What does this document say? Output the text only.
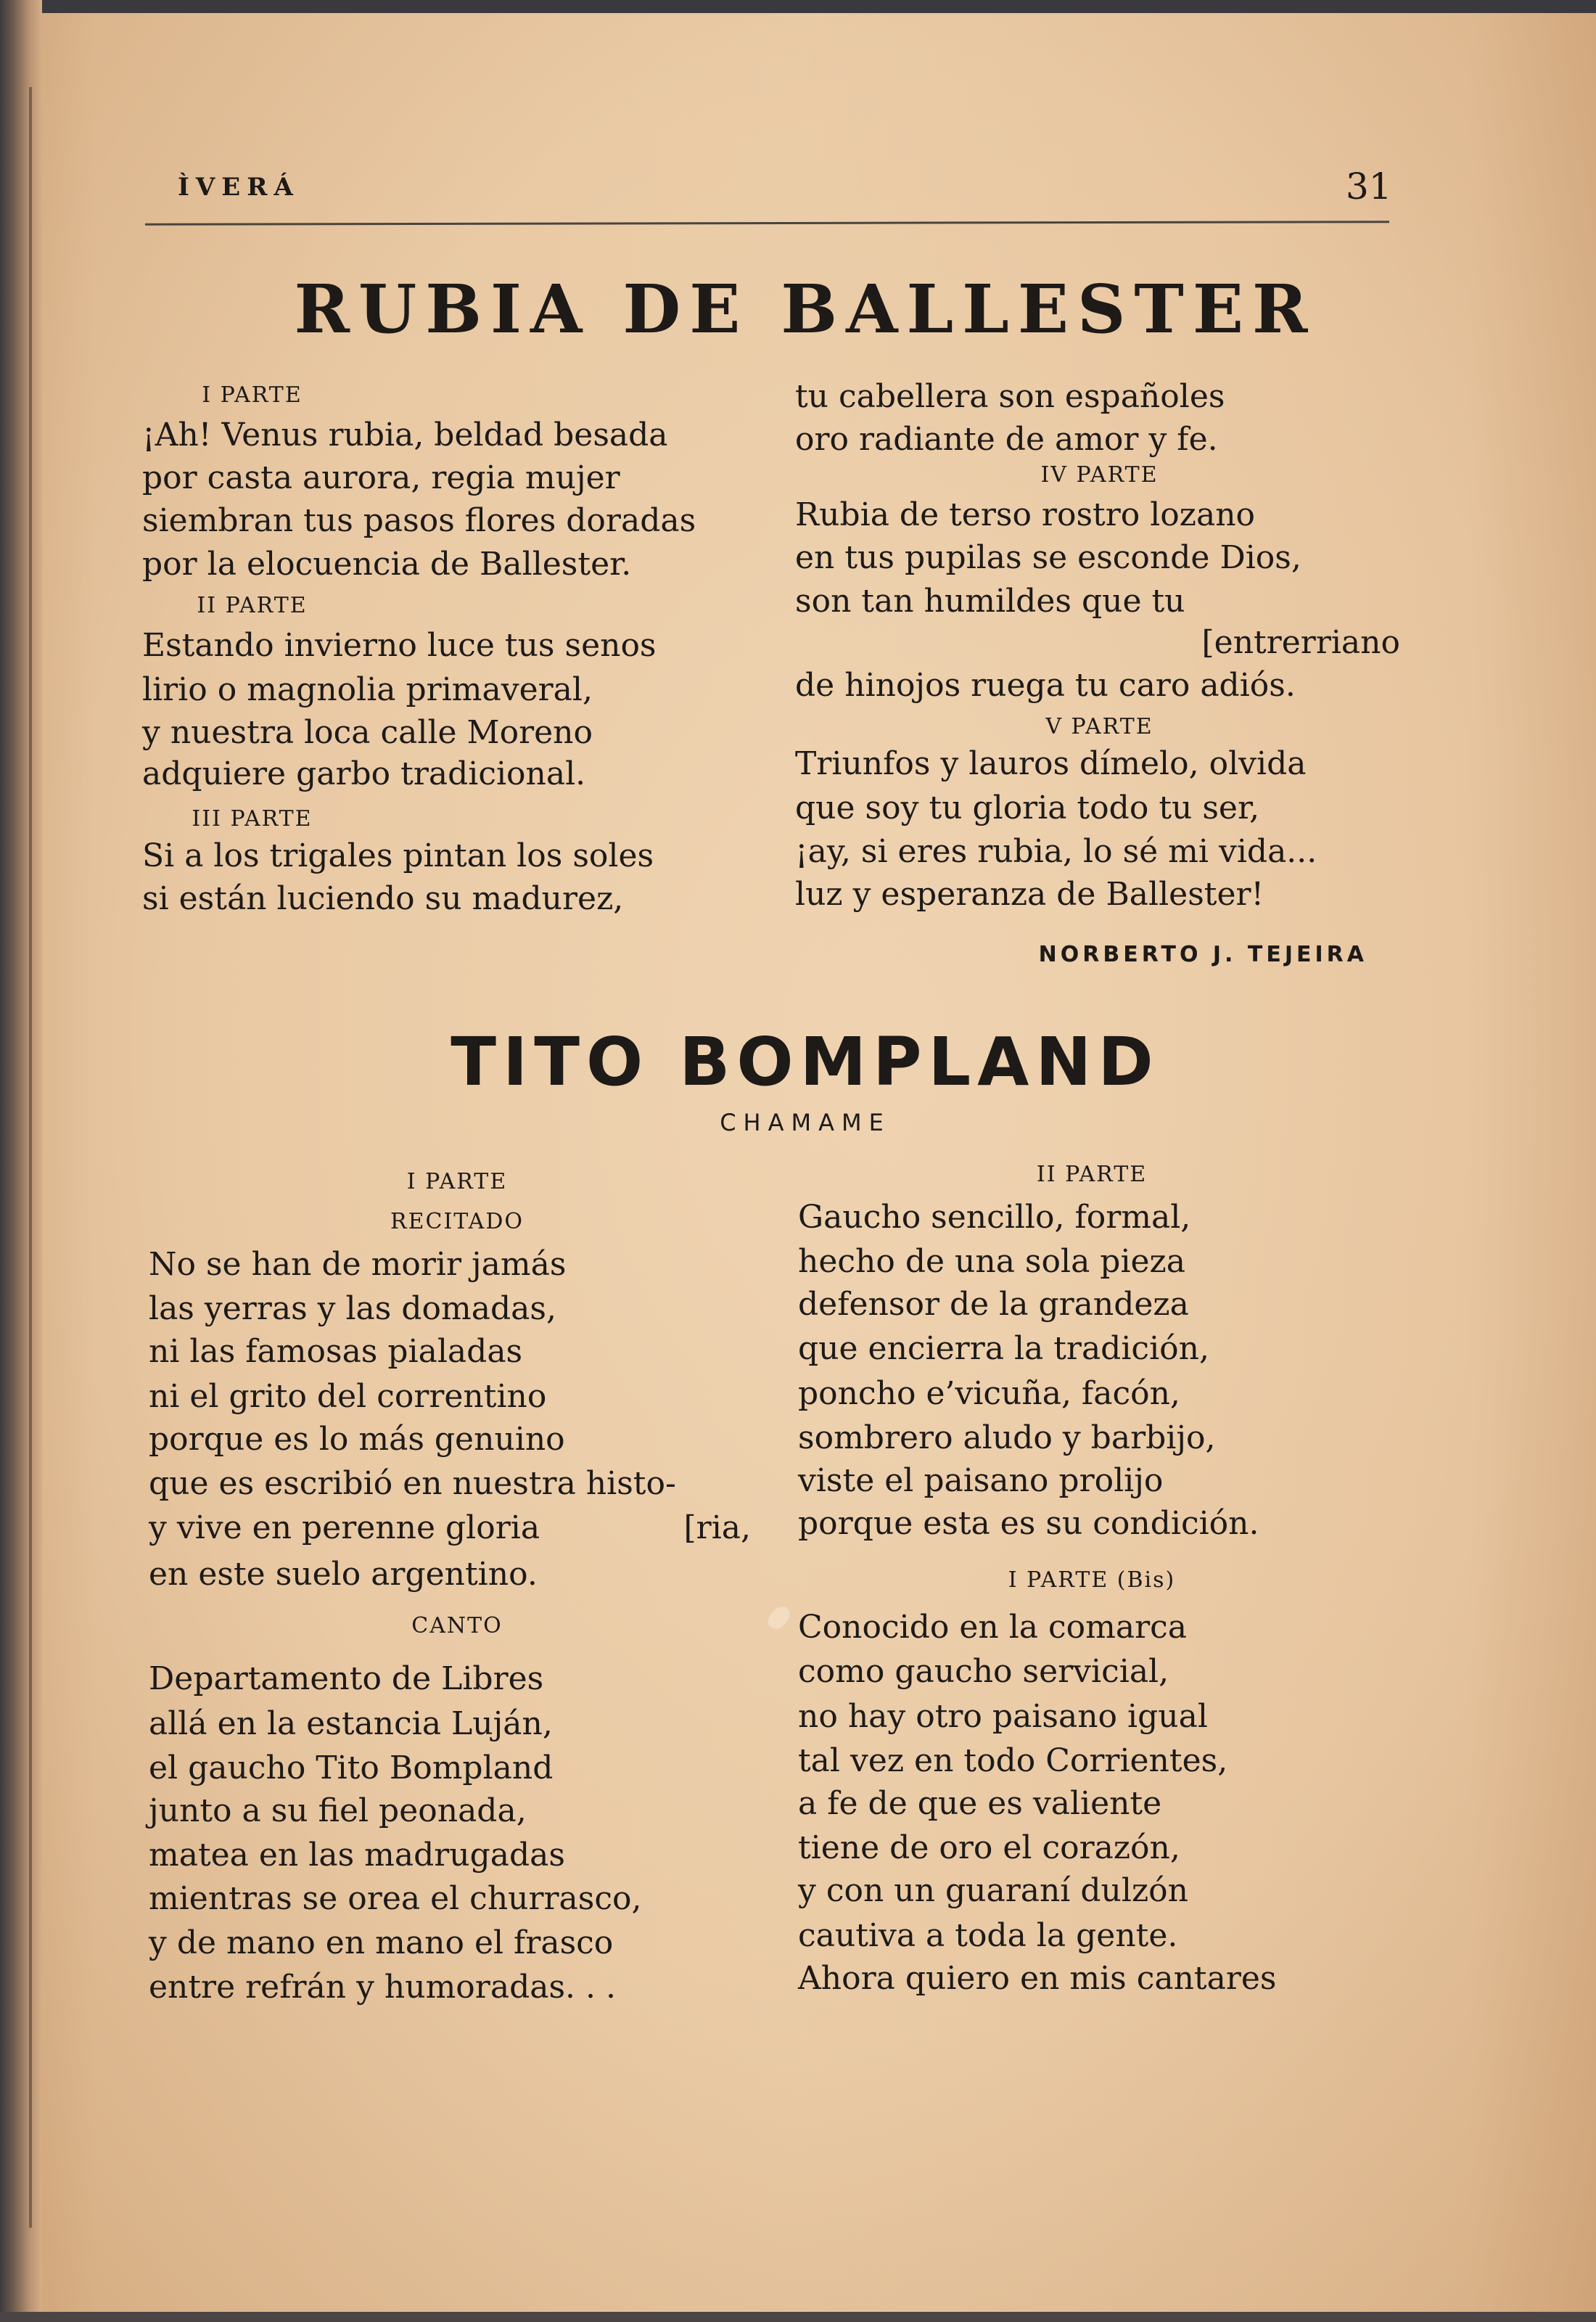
ÌVERÁ	31
RUBIA DE BALLESTER
I PARTE
¡Ah! Venus rubia, beldad besada
por casta aurora, regia mujer
siembran tus pasos flores doradas
por la elocuencia de Ballester.
II PARTE
Estando invierno luce tus senos
lirio o magnolia primaveral,
y nuestra loca calle Moreno
adquiere garbo tradicional.
III PARTE
Si a los trigales pintan los soles
si están luciendo su madurez,
tu cabellera son españoles
oro radiante de amor y fe.
IV PARTE
Rubia de terso rostro lozano
en tus pupilas se esconde Dios,
son tan humildes que tu
[entrerriano
de hinojos ruega tu caro adiós.
V PARTE
Triunfos y lauros dímelo, olvida
que soy tu gloria todo tu ser,
¡ay, si eres rubia, lo sé mi vida...
luz y esperanza de Ballester!
NORBERTO J. TEJEIRA
TITO BOMPLAND
CHAMAME
I PARTE
RECITADO
No se han de morir jamás
las yerras y las domadas,
ni las famosas pialadas
ni el grito del correntino
porque es lo más genuino
que es escribió en nuestra histo-
y vive en perenne gloria	[ria,
en este suelo argentino.
CANTO
Departamento de Libres
allá en la estancia Luján,
el gaucho Tito Bompland
junto a su fiel peonada,
matea en las madrugadas
mientras se orea el churrasco,
y de mano en mano el frasco
entre refrán y humoradas. . .
II PARTE
Gaucho sencillo, formal,
hecho de una sola pieza
defensor de la grandeza
que encierra la tradición,
poncho e’vicuña, facón,
sombrero aludo y barbijo,
viste el paisano prolijo
porque esta es su condición.
I PARTE (Bis)
Conocido en la comarca
como gaucho servicial,
no hay otro paisano igual
tal vez en todo Corrientes,
a fe de que es valiente
tiene de oro el corazón,
y con un guaraní dulzón
cautiva a toda la gente.
Ahora quiero en mis cantares
